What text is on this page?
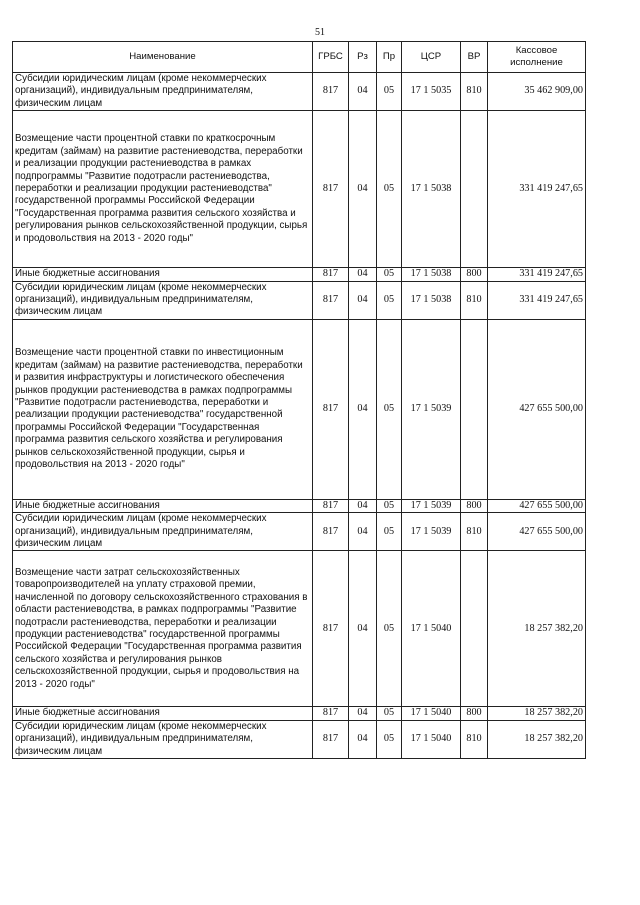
51
Наименование	ГРБС	Рз	Пр	ЦСР	ВР	Кассовое исполнение
Субсидии юридическим лицам (кроме некоммерческих организаций), индивидуальным предпринимателям, физическим лицам	817	04	05	17 1 5035	810	35 462 909,00
Возмещение части процентной ставки по краткосрочным кредитам (займам) на развитие растениеводства, переработки и реализации продукции растениеводства в рамках подпрограммы "Развитие подотрасли растениеводства, переработки и реализации продукции растениеводства" государственной программы Российской Федерации "Государственная программа развития сельского хозяйства и регулирования рынков сельскохозяйственной продукции, сырья и продовольствия на 2013 - 2020 годы"	817	04	05	17 1 5038		331 419 247,65
Иные бюджетные ассигнования	817	04	05	17 1 5038	800	331 419 247,65
Субсидии юридическим лицам (кроме некоммерческих организаций), индивидуальным предпринимателям, физическим лицам	817	04	05	17 1 5038	810	331 419 247,65
Возмещение части процентной ставки по инвестиционным кредитам (займам) на развитие растениеводства, переработки и развития инфраструктуры и логистического обеспечения рынков продукции растениеводства в рамках подпрограммы "Развитие подотрасли растениеводства, переработки и реализации продукции растениеводства" государственной программы Российской Федерации "Государственная программа развития сельского хозяйства и регулирования рынков сельскохозяйственной продукции, сырья и продовольствия на 2013 - 2020 годы"	817	04	05	17 1 5039		427 655 500,00
Иные бюджетные ассигнования	817	04	05	17 1 5039	800	427 655 500,00
Субсидии юридическим лицам (кроме некоммерческих организаций), индивидуальным предпринимателям, физическим лицам	817	04	05	17 1 5039	810	427 655 500,00
Возмещение части затрат сельскохозяйственных товаропроизводителей на уплату страховой премии, начисленной по договору сельскохозяйственного страхования в области растениеводства, в рамках подпрограммы "Развитие подотрасли растениеводства, переработки и реализации продукции растениеводства" государственной программы Российской Федерации "Государственная программа развития сельского хозяйства и регулирования рынков сельскохозяйственной продукции, сырья и продовольствия на 2013 - 2020 годы"	817	04	05	17 1 5040		18 257 382,20
Иные бюджетные ассигнования	817	04	05	17 1 5040	800	18 257 382,20
Субсидии юридическим лицам (кроме некоммерческих организаций), индивидуальным предпринимателям, физическим лицам	817	04	05	17 1 5040	810	18 257 382,20
